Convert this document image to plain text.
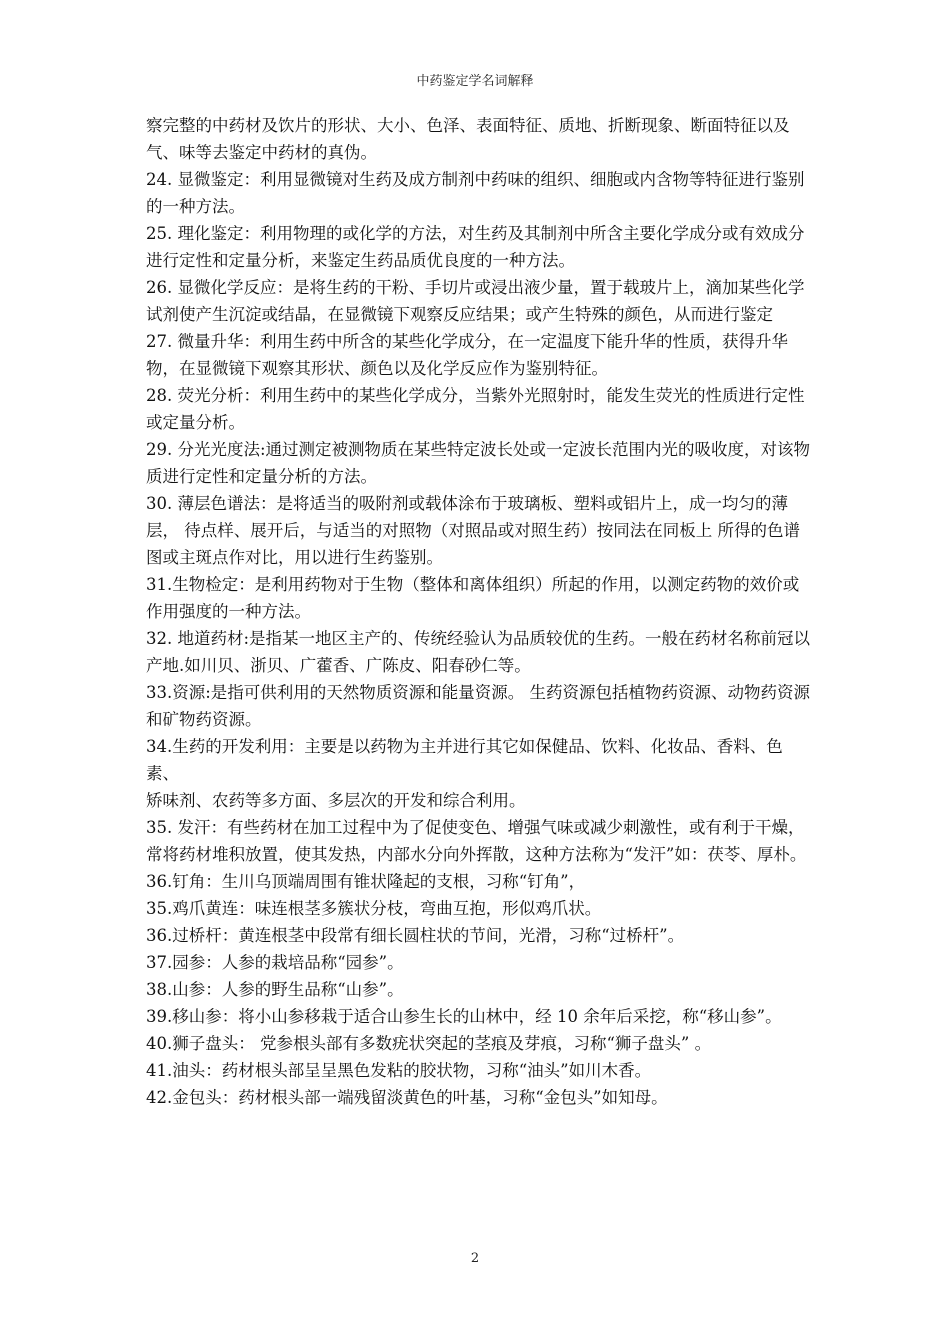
中药鉴定学名词解释

察完整的中药材及饮片的形状、大小、色泽、表面特征、质地、折断现象、断面特征以及气、味等去鉴定中药材的真伪。

24. 显微鉴定：利用显微镜对生药及成方制剂中药味的组织、细胞或内含物等特征进行鉴别的一种方法。

25. 理化鉴定：利用物理的或化学的方法，对生药及其制剂中所含主要化学成分或有效成分进行定性和定量分析，来鉴定生药品质优良度的一种方法。

26. 显微化学反应：是将生药的干粉、手切片或浸出液少量，置于载玻片上，滴加某些化学试剂使产生沉淀或结晶，在显微镜下观察反应结果；或产生特殊的颜色，从而进行鉴定

27. 微量升华：利用生药中所含的某些化学成分，在一定温度下能升华的性质，获得升华物，在显微镜下观察其形状、颜色以及化学反应作为鉴别特征。

28. 荧光分析：利用生药中的某些化学成分，当紫外光照射时，能发生荧光的性质进行定性或定量分析。

29. 分光光度法:通过测定被测物质在某些特定波长处或一定波长范围内光的吸收度，对该物质进行定性和定量分析的方法。

30. 薄层色谱法：是将适当的吸附剂或载体涂布于玻璃板、塑料或铝片上，成一均匀的薄层， 待点样、展开后，与适当的对照物（对照品或对照生药）按同法在同板上 所得的色谱图或主斑点作对比，用以进行生药鉴别。

31.生物检定：是利用药物对于生物（整体和离体组织）所起的作用，以测定药物的效价或 作用强度的一种方法。

32. 地道药材:是指某一地区主产的、传统经验认为品质较优的生药。一般在药材名称前冠以产地.如川贝、浙贝、广藿香、广陈皮、阳春砂仁等。

33.资源:是指可供利用的天然物质资源和能量资源。 生药资源包括植物药资源、动物药资源和矿物药资源。

34.生药的开发利用：主要是以药物为主并进行其它如保健品、饮料、化妆品、香料、色素、

矫味剂、农药等多方面、多层次的开发和综合利用。

35. 发汗：有些药材在加工过程中为了促使变色、增强气味或减少刺激性，或有利于干燥，常将药材堆积放置，使其发热，内部水分向外挥散，这种方法称为“发汗”如：茯苓、厚朴。

36.钉角：生川乌顶端周围有锥状隆起的支根，习称“钉角”，

35.鸡爪黄连：味连根茎多簇状分枝，弯曲互抱，形似鸡爪状。

36.过桥杆：黄连根茎中段常有细长圆柱状的节间，光滑，习称“过桥杆”。

37.园参：人参的栽培品称“园参”。

38.山参：人参的野生品称“山参”。

39.移山参：将小山参移栽于适合山参生长的山林中，经 10 余年后采挖，称“移山参”。

40.狮子盘头： 党参根头部有多数疣状突起的茎痕及芽痕，习称“狮子盘头” 。

41.油头：药材根头部呈呈黑色发粘的胶状物，习称“油头”如川木香。

42.金包头：药材根头部一端残留淡黄色的叶基，习称“金包头”如知母。

2
